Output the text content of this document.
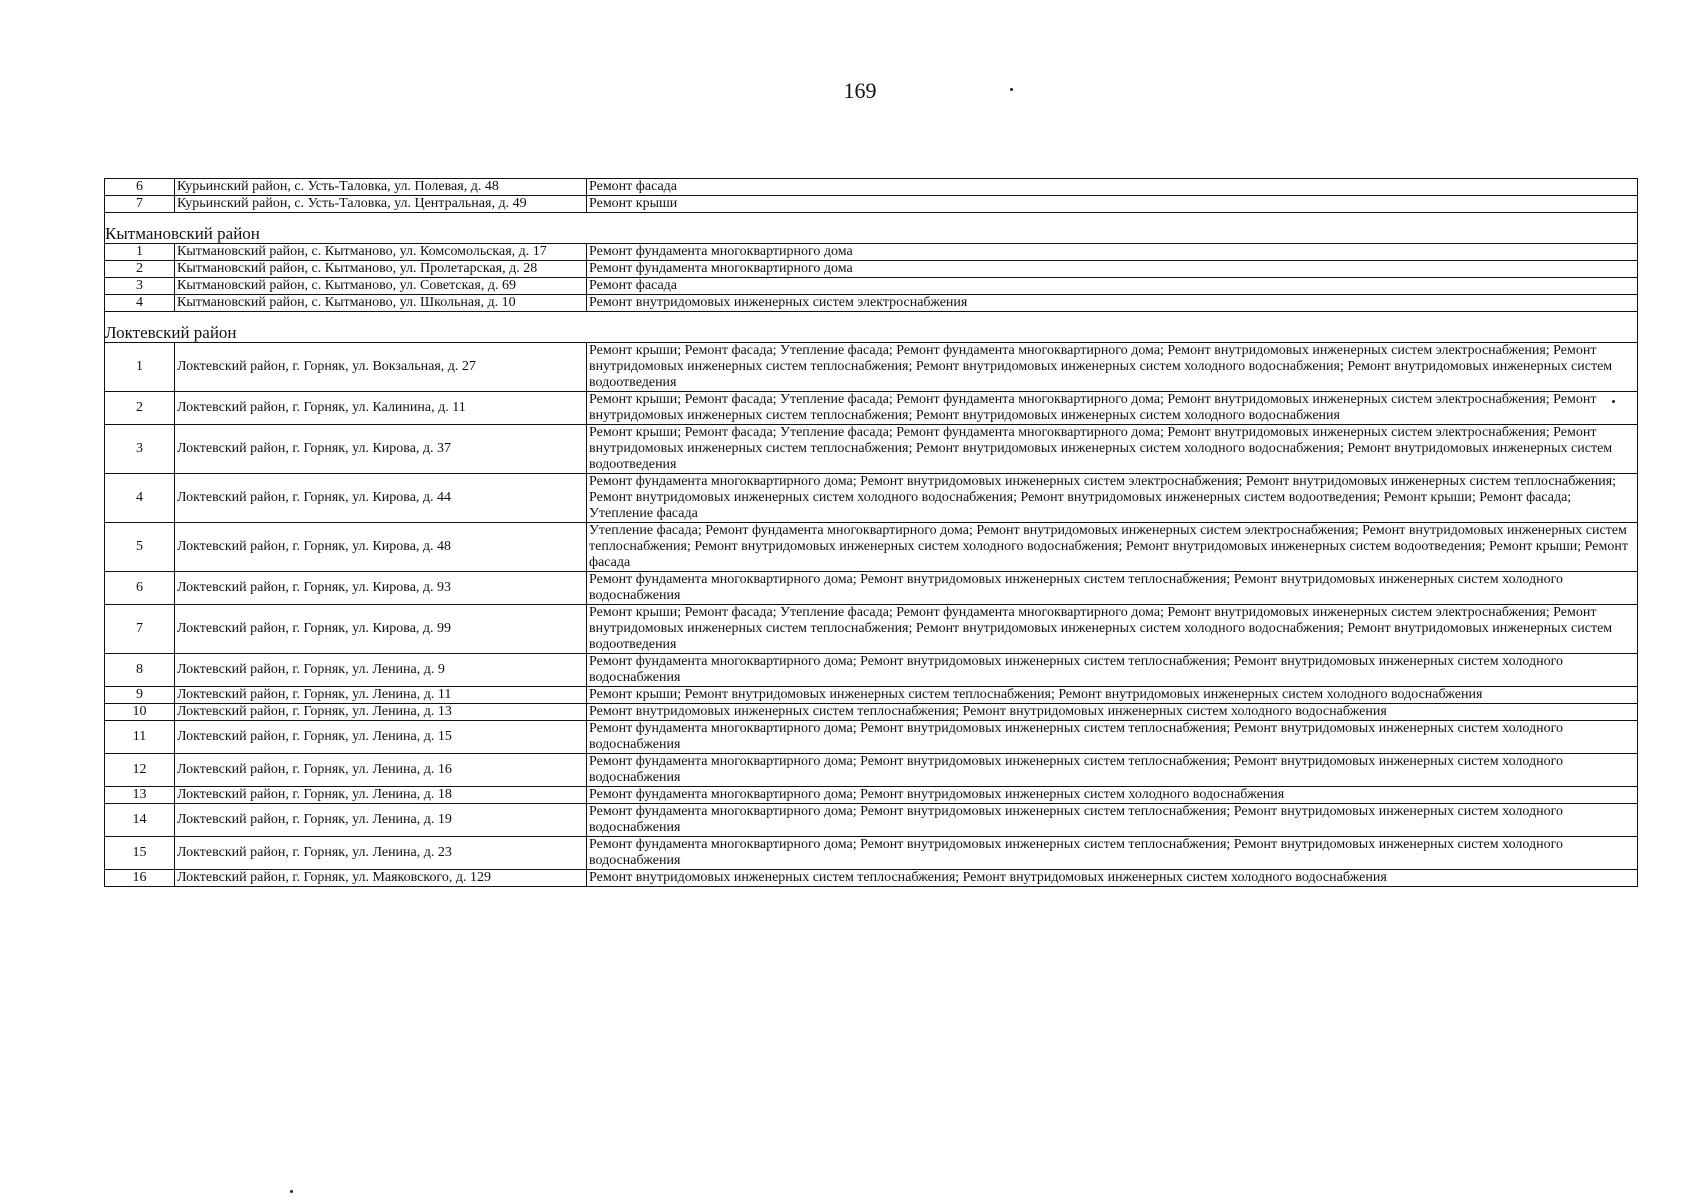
169
6	Курьинский район, с. Усть-Таловка, ул. Полевая, д. 48	Ремонт фасада
7	Курьинский район, с. Усть-Таловка, ул. Центральная, д. 49	Ремонт крыши

Кытмановский район		

1	Кытмановский район, с. Кытманово, ул. Комсомольская, д. 17	Ремонт фундамента многоквартирного дома
2	Кытмановский район, с. Кытманово, ул. Пролетарская, д. 28	Ремонт фундамента многоквартирного дома
3	Кытмановский район, с. Кытманово, ул. Советская, д. 69	Ремонт фасада
4	Кытмановский район, с. Кытманово, ул. Школьная, д. 10	Ремонт внутридомовых инженерных систем электроснабжения

Локтевский район		

1	Локтевский район, г. Горняк, ул. Вокзальная, д. 27	Ремонт крыши; Ремонт фасада; Утепление фасада; Ремонт фундамента многоквартирного дома; Ремонт внутридомовых инженерных систем электроснабжения; Ремонт внутридомовых инженерных систем теплоснабжения; Ремонт внутридомовых инженерных систем холодного водоснабжения; Ремонт внутридомовых инженерных систем водоотведения
2	Локтевский район, г. Горняк, ул. Калинина, д. 11	Ремонт крыши; Ремонт фасада; Утепление фасада; Ремонт фундамента многоквартирного дома; Ремонт внутридомовых инженерных систем электроснабжения; Ремонт внутридомовых инженерных систем теплоснабжения; Ремонт внутридомовых инженерных систем холодного водоснабжения
3	Локтевский район, г. Горняк, ул. Кирова, д. 37	Ремонт крыши; Ремонт фасада; Утепление фасада; Ремонт фундамента многоквартирного дома; Ремонт внутридомовых инженерных систем электроснабжения; Ремонт внутридомовых инженерных систем теплоснабжения; Ремонт внутридомовых инженерных систем холодного водоснабжения; Ремонт внутридомовых инженерных систем водоотведения
4	Локтевский район, г. Горняк, ул. Кирова, д. 44	Ремонт фундамента многоквартирного дома; Ремонт внутридомовых инженерных систем электроснабжения; Ремонт внутридомовых инженерных систем теплоснабжения; Ремонт внутридомовых инженерных систем холодного водоснабжения; Ремонт внутридомовых инженерных систем водоотведения; Ремонт крыши; Ремонт фасада; Утепление фасада
5	Локтевский район, г. Горняк, ул. Кирова, д. 48	Утепление фасада; Ремонт фундамента многоквартирного дома; Ремонт внутридомовых инженерных систем электроснабжения; Ремонт внутридомовых инженерных систем теплоснабжения; Ремонт внутридомовых инженерных систем холодного водоснабжения; Ремонт внутридомовых инженерных систем водоотведения; Ремонт крыши; Ремонт фасада
6	Локтевский район, г. Горняк, ул. Кирова, д. 93	Ремонт фундамента многоквартирного дома; Ремонт внутридомовых инженерных систем теплоснабжения; Ремонт внутридомовых инженерных систем холодного водоснабжения
7	Локтевский район, г. Горняк, ул. Кирова, д. 99	Ремонт крыши; Ремонт фасада; Утепление фасада; Ремонт фундамента многоквартирного дома; Ремонт внутридомовых инженерных систем электроснабжения; Ремонт внутридомовых инженерных систем теплоснабжения; Ремонт внутридомовых инженерных систем холодного водоснабжения; Ремонт внутридомовых инженерных систем водоотведения
8	Локтевский район, г. Горняк, ул. Ленина, д. 9	Ремонт фундамента многоквартирного дома; Ремонт внутридомовых инженерных систем теплоснабжения; Ремонт внутридомовых инженерных систем холодного водоснабжения
9	Локтевский район, г. Горняк, ул. Ленина, д. 11	Ремонт крыши; Ремонт внутридомовых инженерных систем теплоснабжения; Ремонт внутридомовых инженерных систем холодного водоснабжения
10	Локтевский район, г. Горняк, ул. Ленина, д. 13	Ремонт внутридомовых инженерных систем теплоснабжения; Ремонт внутридомовых инженерных систем холодного водоснабжения
11	Локтевский район, г. Горняк, ул. Ленина, д. 15	Ремонт фундамента многоквартирного дома; Ремонт внутридомовых инженерных систем теплоснабжения; Ремонт внутридомовых инженерных систем холодного водоснабжения
12	Локтевский район, г. Горняк, ул. Ленина, д. 16	Ремонт фундамента многоквартирного дома; Ремонт внутридомовых инженерных систем теплоснабжения; Ремонт внутридомовых инженерных систем холодного водоснабжения
13	Локтевский район, г. Горняк, ул. Ленина, д. 18	Ремонт фундамента многоквартирного дома; Ремонт внутридомовых инженерных систем холодного водоснабжения
14	Локтевский район, г. Горняк, ул. Ленина, д. 19	Ремонт фундамента многоквартирного дома; Ремонт внутридомовых инженерных систем теплоснабжения; Ремонт внутридомовых инженерных систем холодного водоснабжения
15	Локтевский район, г. Горняк, ул. Ленина, д. 23	Ремонт фундамента многоквартирного дома; Ремонт внутридомовых инженерных систем теплоснабжения; Ремонт внутридомовых инженерных систем холодного водоснабжения
16	Локтевский район, г. Горняк, ул. Маяковского, д. 129	Ремонт внутридомовых инженерных систем теплоснабжения; Ремонт внутридомовых инженерных систем холодного водоснабжения
